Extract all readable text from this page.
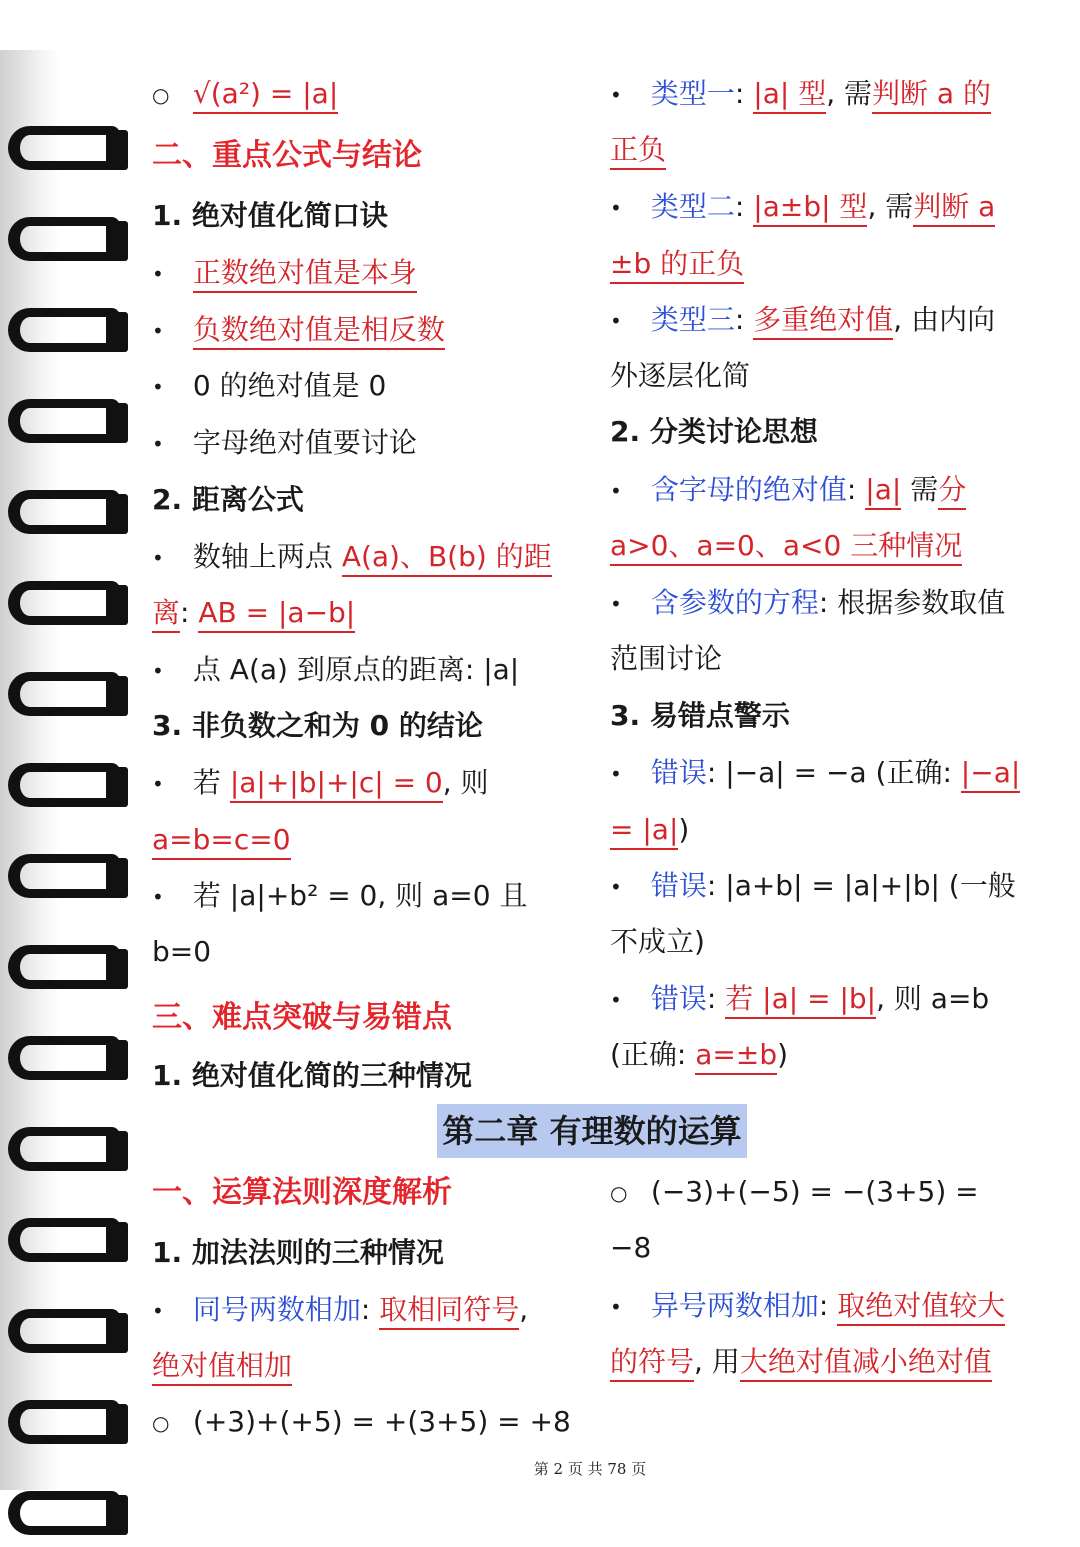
○ √(a²) = |a|
二、重点公式与结论
1. 绝对值化简口诀
• 正数绝对值是本身
• 负数绝对值是相反数
• 0 的绝对值是 0
• 字母绝对值要讨论
2. 距离公式
• 数轴上两点 A(a)、B(b) 的距
离: AB = |a−b|
• 点 A(a) 到原点的距离: |a|
3. 非负数之和为 0 的结论
• 若 |a|+|b|+|c| = 0, 则
a=b=c=0
• 若 |a|+b² = 0, 则 a=0 且
b=0
三、难点突破与易错点
1. 绝对值化简的三种情况
一、运算法则深度解析
1. 加法法则的三种情况
• 同号两数相加: 取相同符号,
绝对值相加
○ (+3)+(+5) = +(3+5) = +8
• 类型一: |a| 型, 需判断 a 的
正负
• 类型二: |a±b| 型, 需判断 a
±b 的正负
• 类型三: 多重绝对值, 由内向
外逐层化简
2. 分类讨论思想
• 含字母的绝对值: |a| 需分
a>0、a=0、a<0 三种情况
• 含参数的方程: 根据参数取值
范围讨论
3. 易错点警示
• 错误: |−a| = −a (正确: |−a|
= |a|)
• 错误: |a+b| = |a|+|b| (一般
不成立)
• 错误: 若 |a| = |b|, 则 a=b
(正确: a=±b)
○ (−3)+(−5) = −(3+5) =
−8
• 异号两数相加: 取绝对值较大
的符号, 用大绝对值减小绝对值
第二章 有理数的运算
第 2 页 共 78 页
